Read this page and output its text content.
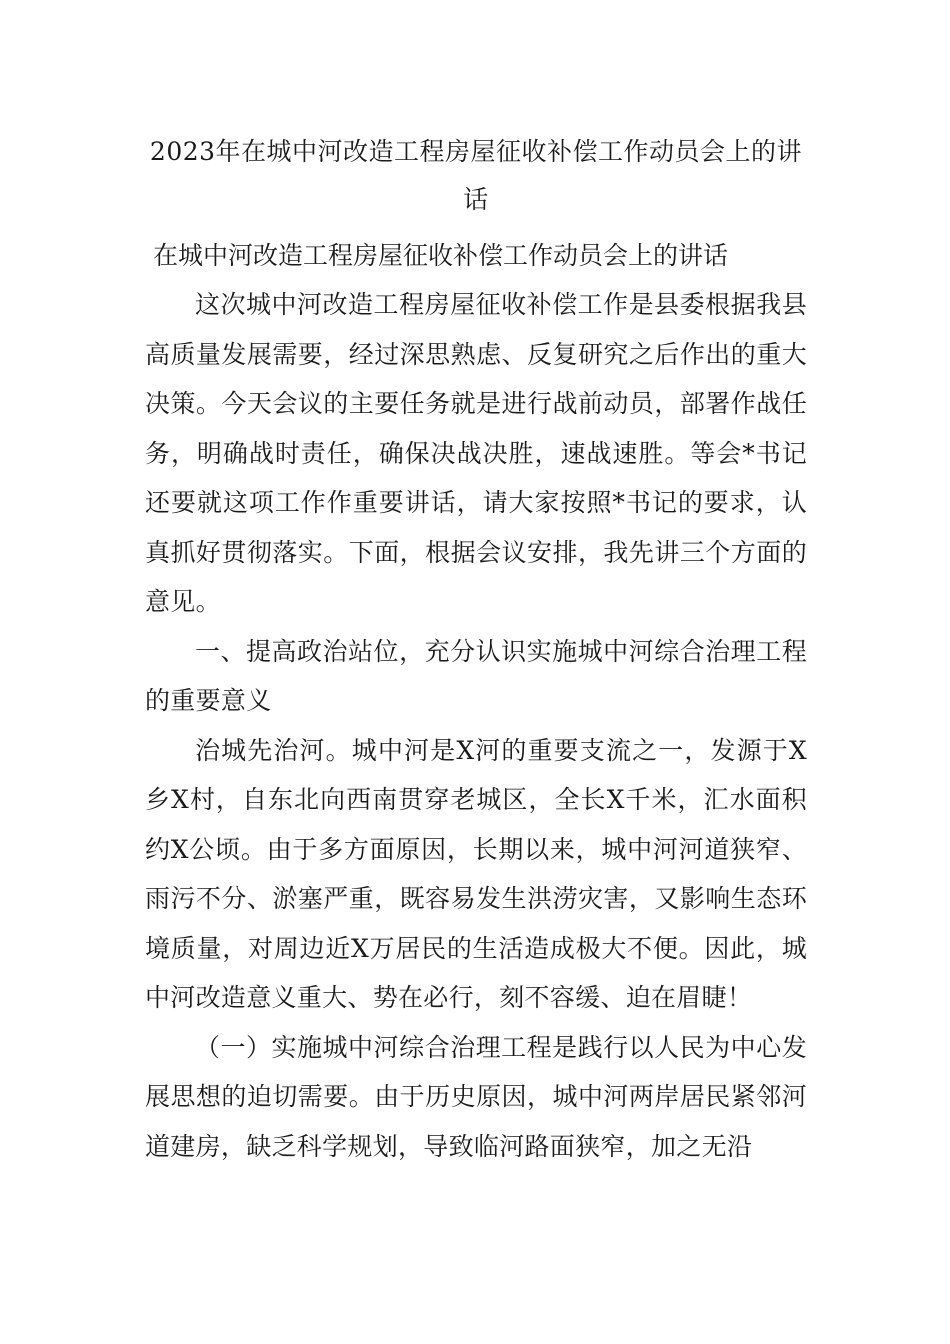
2023年在城中河改造工程房屋征收补偿工作动员会上的讲话
在城中河改造工程房屋征收补偿工作动员会上的讲话

这次城中河改造工程房屋征收补偿工作是县委根据我县高质量发展需要，经过深思熟虑、反复研究之后作出的重大决策。今天会议的主要任务就是进行战前动员，部署作战任务，明确战时责任，确保决战决胜，速战速胜。等会*书记还要就这项工作作重要讲话，请大家按照*书记的要求，认真抓好贯彻落实。下面，根据会议安排，我先讲三个方面的意见。

一、提高政治站位，充分认识实施城中河综合治理工程的重要意义

治城先治河。城中河是X河的重要支流之一，发源于X乡X村，自东北向西南贯穿老城区，全长X千米，汇水面积约X公顷。由于多方面原因，长期以来，城中河河道狭窄、雨污不分、淤塞严重，既容易发生洪涝灾害，又影响生态环境质量，对周边近X万居民的生活造成极大不便。因此，城中河改造意义重大、势在必行，刻不容缓、迫在眉睫！

（一）实施城中河综合治理工程是践行以人民为中心发展思想的迫切需要。由于历史原因，城中河两岸居民紧邻河道建房，缺乏科学规划，导致临河路面狭窄，加之无沿
